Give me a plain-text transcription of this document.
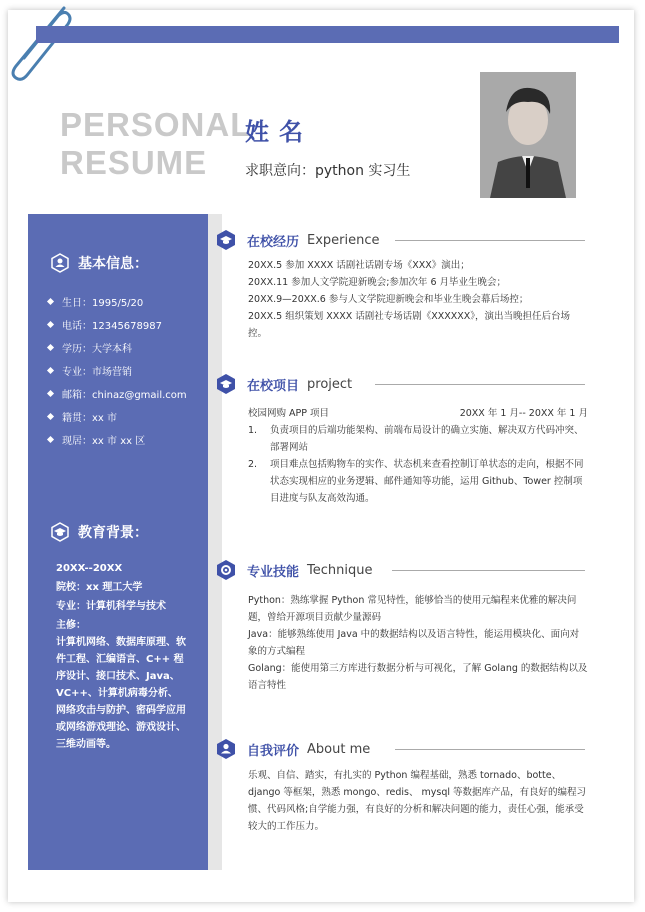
PERSONAL
RESUME
姓名
求职意向：python 实习生
基本信息：
生日：1995/5/20
电话：12345678987
学历：大学本科
专业：市场营销
邮箱：chinaz@gmail.com
籍贯：xx 市
现居：xx 市 xx 区
教育背景：

20XX--20XX

院校：xx 理工大学

专业：计算机科学与技术

主修：

计算机网络、数据库原理、软件工程、汇编语言、C++ 程序设计、接口技术、Java、VC++、计算机病毒分析、网络攻击与防护、密码学应用或网络游戏理论、游戏设计、三维动画等。

在校经历 Experience

20XX.5 参加 XXXX 话剧社话剧专场《XXX》演出；

20XX.11 参加人文学院迎新晚会;参加次年 6 月毕业生晚会；

20XX.9—20XX.6 参与人文学院迎新晚会和毕业生晚会幕后场控；

20XX.5 组织策划 XXXX 话剧社专场话剧《XXXXXX》，演出当晚担任后台场控。

在校项目 project
校园网购 APP 项目	20XX 年 1 月-- 20XX 年 1 月
1.	负责项目的后端功能架构、前端布局设计的确立实施、解决双方代码冲突、部署网站
2.	项目难点包括购物车的实作、状态机来查看控制订单状态的走向，根据不同状态实现相应的业务逻辑、邮件通知等功能，运用 Github、Tower 控制项目进度与队友高效沟通。
专业技能 Technique

Python：熟练掌握 Python 常见特性，能够恰当的使用元编程来优雅的解决问题，曾给开源项目贡献少量源码

Java：能够熟练使用 Java 中的数据结构以及语言特性，能运用模块化、面向对象的方式编程

Golang：能使用第三方库进行数据分析与可视化，了解 Golang 的数据结构以及语言特性

自我评价 About me

乐观、自信、踏实，有扎实的 Python 编程基础，熟悉 tornado、botte、django 等框架，熟悉 mongo、redis、 mysql 等数据库产品，有良好的编程习惯、代码风格;自学能力强，有良好的分析和解决问题的能力，责任心强，能承受较大的工作压力。
